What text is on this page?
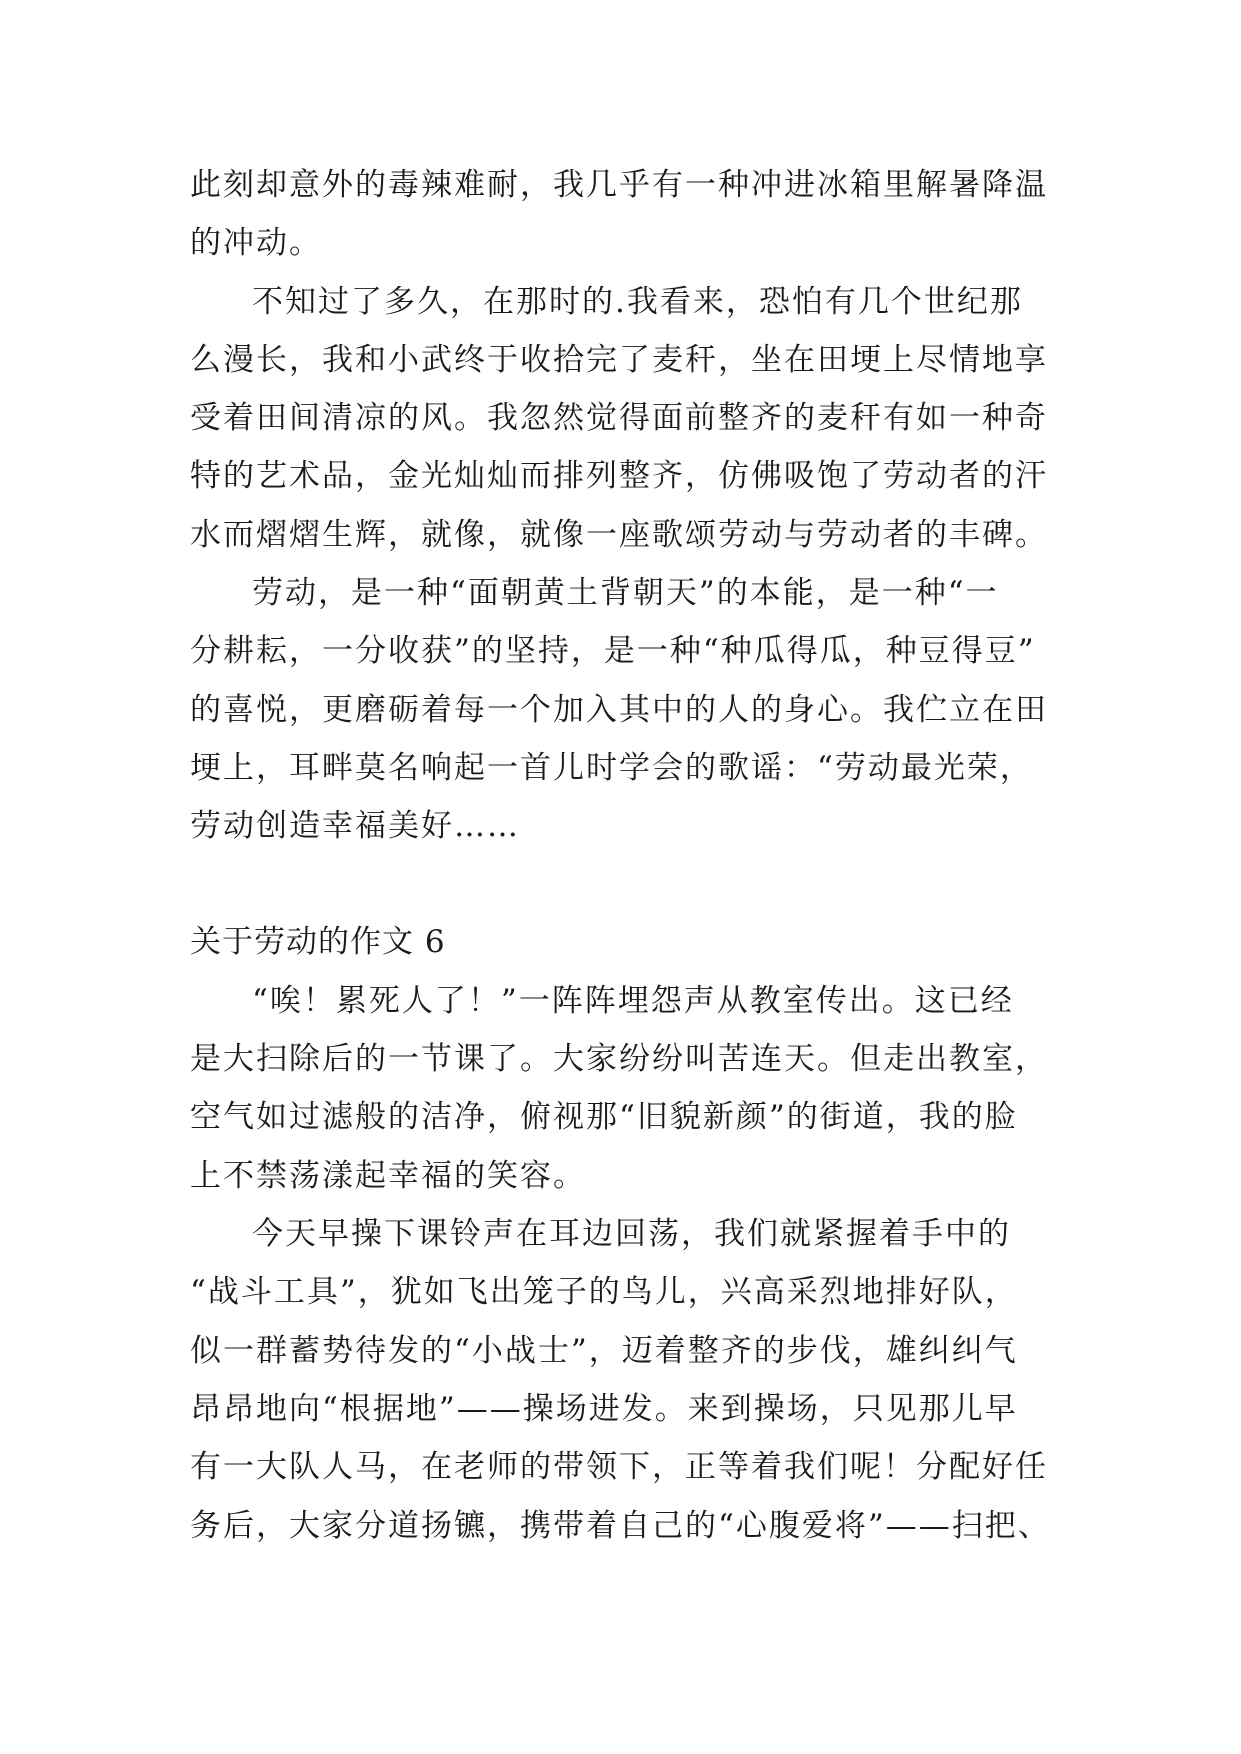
此刻却意外的毒辣难耐，我几乎有一种冲进冰箱里解暑降温
的冲动。
不知过了多久，在那时的.我看来，恐怕有几个世纪那
么漫长，我和小武终于收拾完了麦秆，坐在田埂上尽情地享
受着田间清凉的风。我忽然觉得面前整齐的麦秆有如一种奇
特的艺术品，金光灿灿而排列整齐，仿佛吸饱了劳动者的汗
水而熠熠生辉，就像，就像一座歌颂劳动与劳动者的丰碑。
劳动，是一种“面朝黄土背朝天”的本能，是一种“一
分耕耘，一分收获”的坚持，是一种“种瓜得瓜，种豆得豆”
的喜悦，更磨砺着每一个加入其中的人的身心。我伫立在田
埂上，耳畔莫名响起一首儿时学会的歌谣：“劳动最光荣，
劳动创造幸福美好……
关于劳动的作文 6
“唉！累死人了！”一阵阵埋怨声从教室传出。这已经
是大扫除后的一节课了。大家纷纷叫苦连天。但走出教室，
空气如过滤般的洁净，俯视那“旧貌新颜”的街道，我的脸
上不禁荡漾起幸福的笑容。
今天早操下课铃声在耳边回荡，我们就紧握着手中的
“战斗工具”，犹如飞出笼子的鸟儿，兴高采烈地排好队，
似一群蓄势待发的“小战士”，迈着整齐的步伐，雄纠纠气
昂昂地向“根据地”——操场进发。来到操场，只见那儿早
有一大队人马，在老师的带领下，正等着我们呢！分配好任
务后，大家分道扬镳，携带着自己的“心腹爱将”——扫把、
